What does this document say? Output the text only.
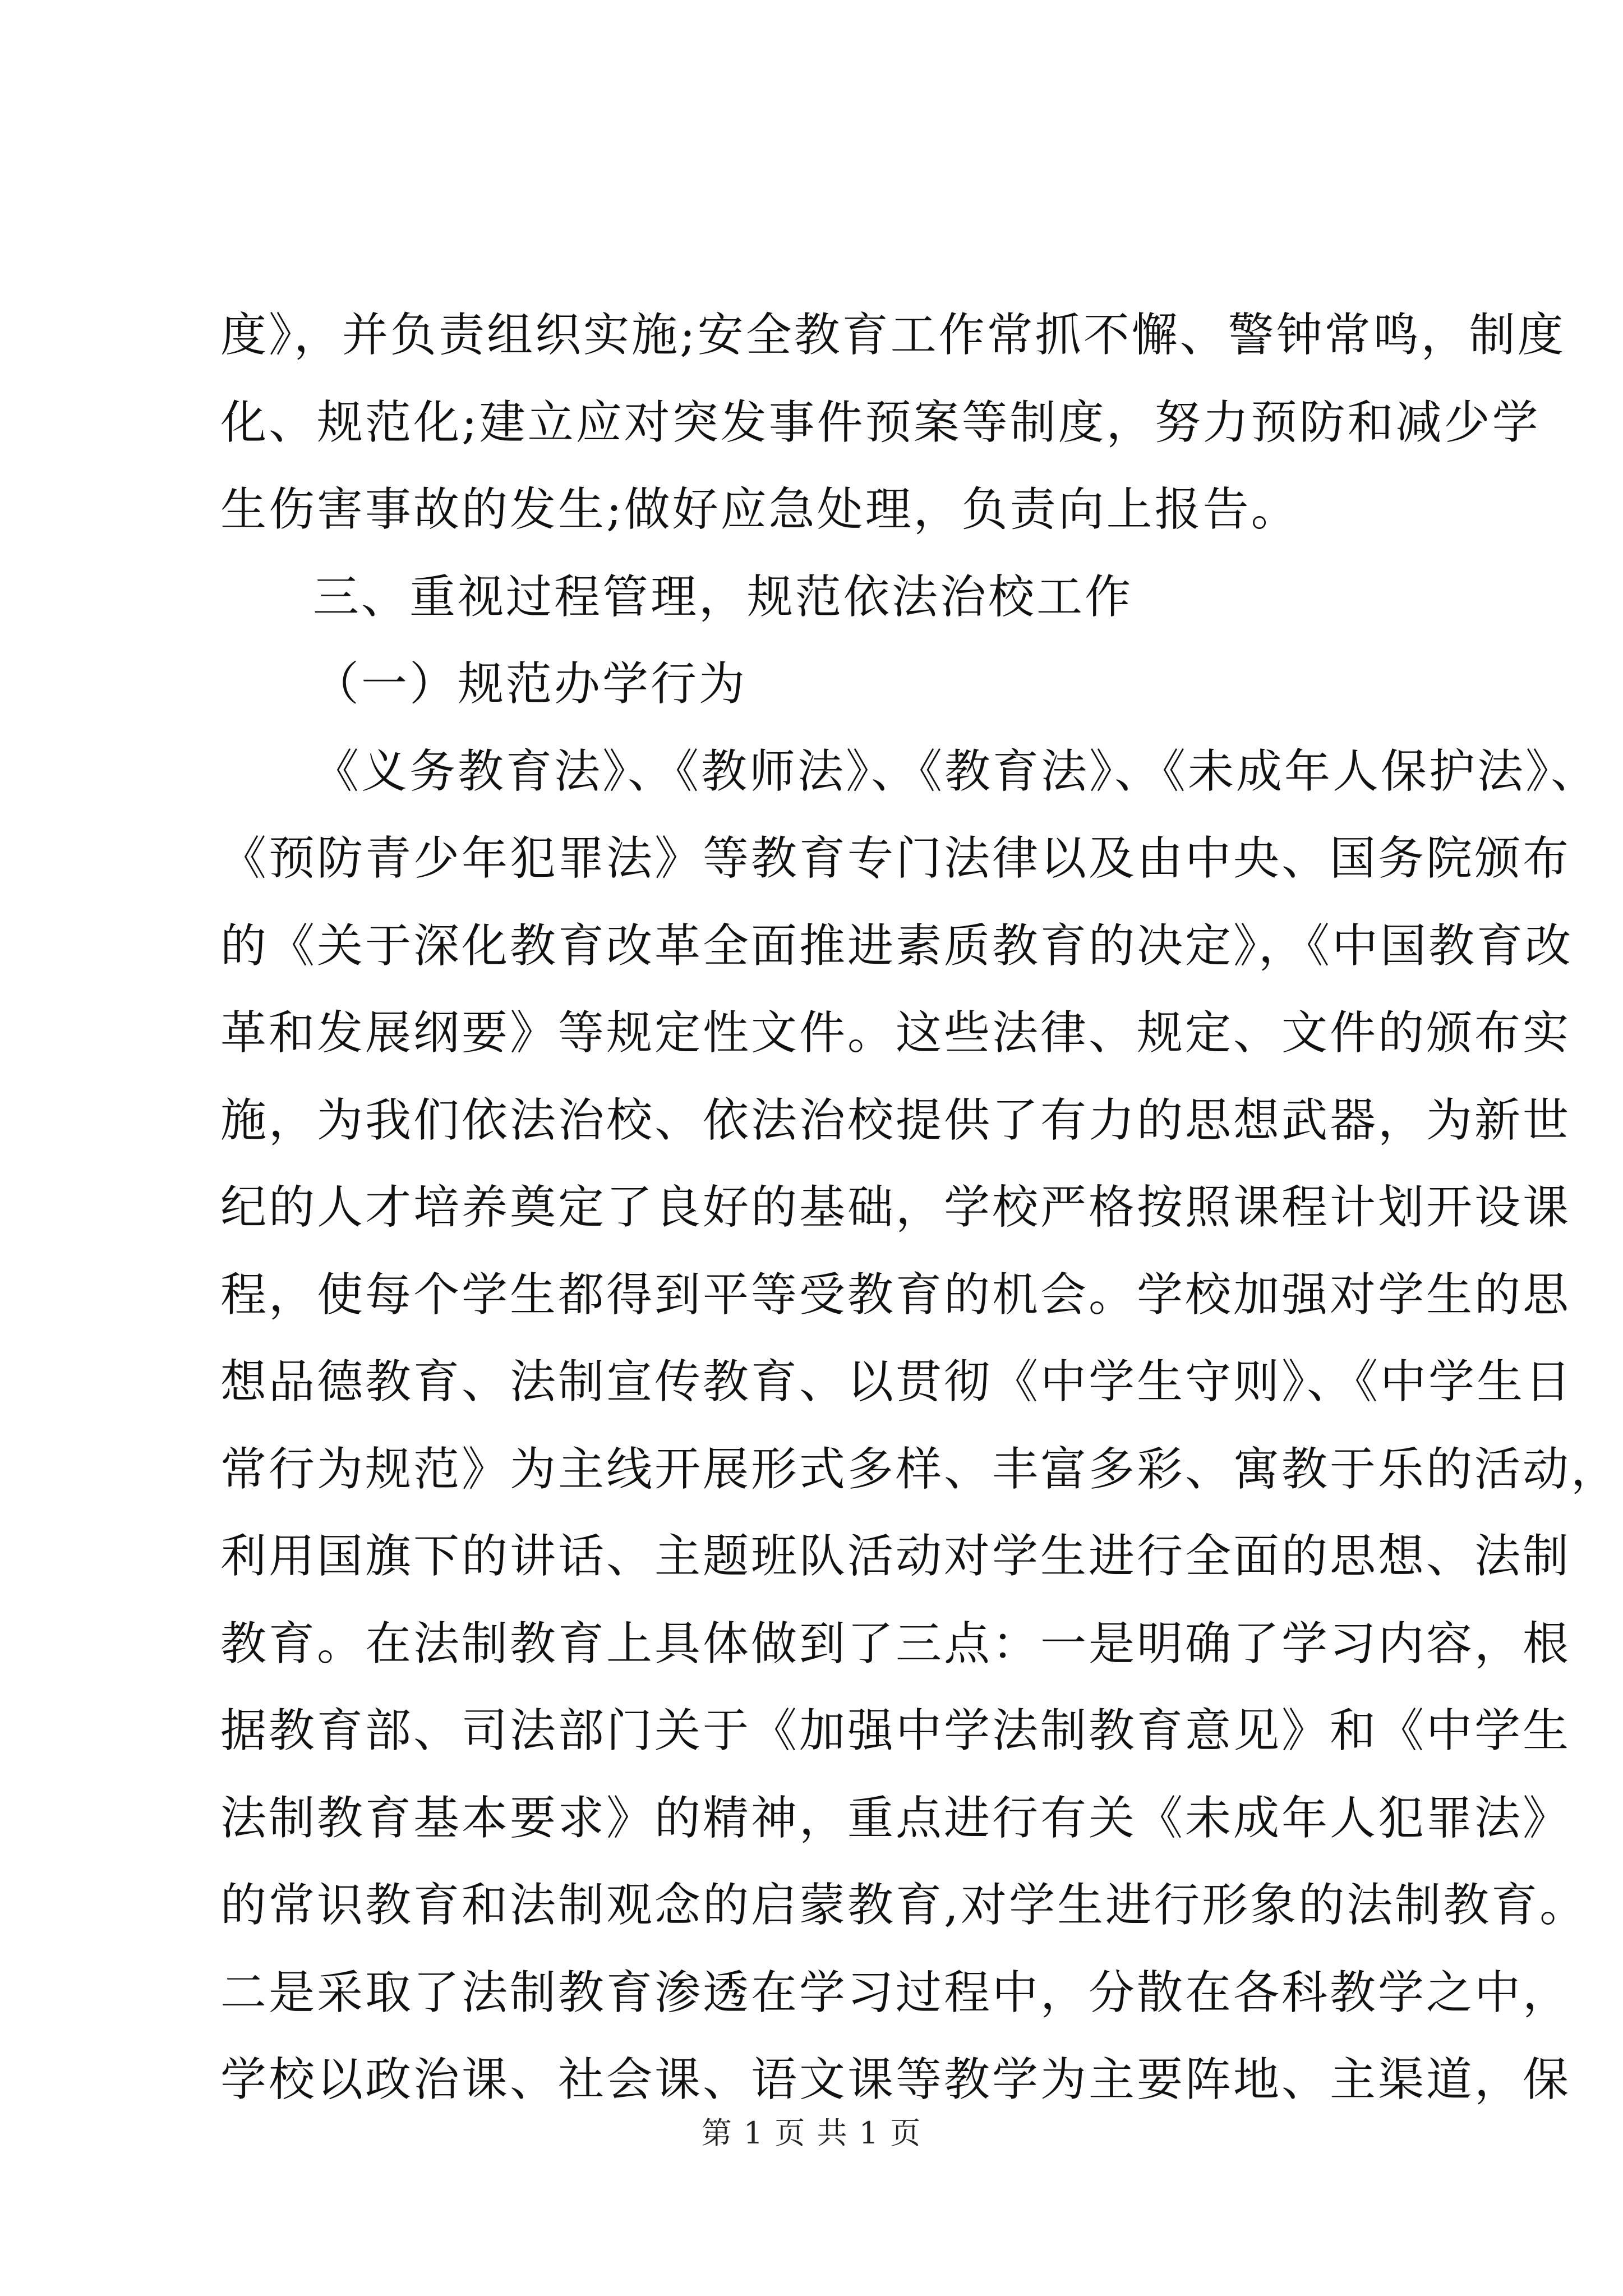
度》，并负责组织实施;安全教育工作常抓不懈、警钟常鸣，制度
化、规范化;建立应对突发事件预案等制度，努力预防和减少学
生伤害事故的发生;做好应急处理，负责向上报告。
三、重视过程管理，规范依法治校工作
（一）规范办学行为
《义务教育法》、《教师法》、《教育法》、《未成年人保护法》、
《预防青少年犯罪法》等教育专门法律以及由中央、国务院颁布
的《关于深化教育改革全面推进素质教育的决定》，《中国教育改
革和发展纲要》等规定性文件。这些法律、规定、文件的颁布实
施，为我们依法治校、依法治校提供了有力的思想武器，为新世
纪的人才培养奠定了良好的基础，学校严格按照课程计划开设课
程，使每个学生都得到平等受教育的机会。学校加强对学生的思
想品德教育、法制宣传教育、以贯彻《中学生守则》、《中学生日
常行为规范》为主线开展形式多样、丰富多彩、寓教于乐的活动，
利用国旗下的讲话、主题班队活动对学生进行全面的思想、法制
教育。在法制教育上具体做到了三点：一是明确了学习内容，根
据教育部、司法部门关于《加强中学法制教育意见》和《中学生
法制教育基本要求》的精神，重点进行有关《未成年人犯罪法》
的常识教育和法制观念的启蒙教育,对学生进行形象的法制教育。
二是采取了法制教育渗透在学习过程中，分散在各科教学之中，
学校以政治课、社会课、语文课等教学为主要阵地、主渠道，保
第 1 页 共 1 页
